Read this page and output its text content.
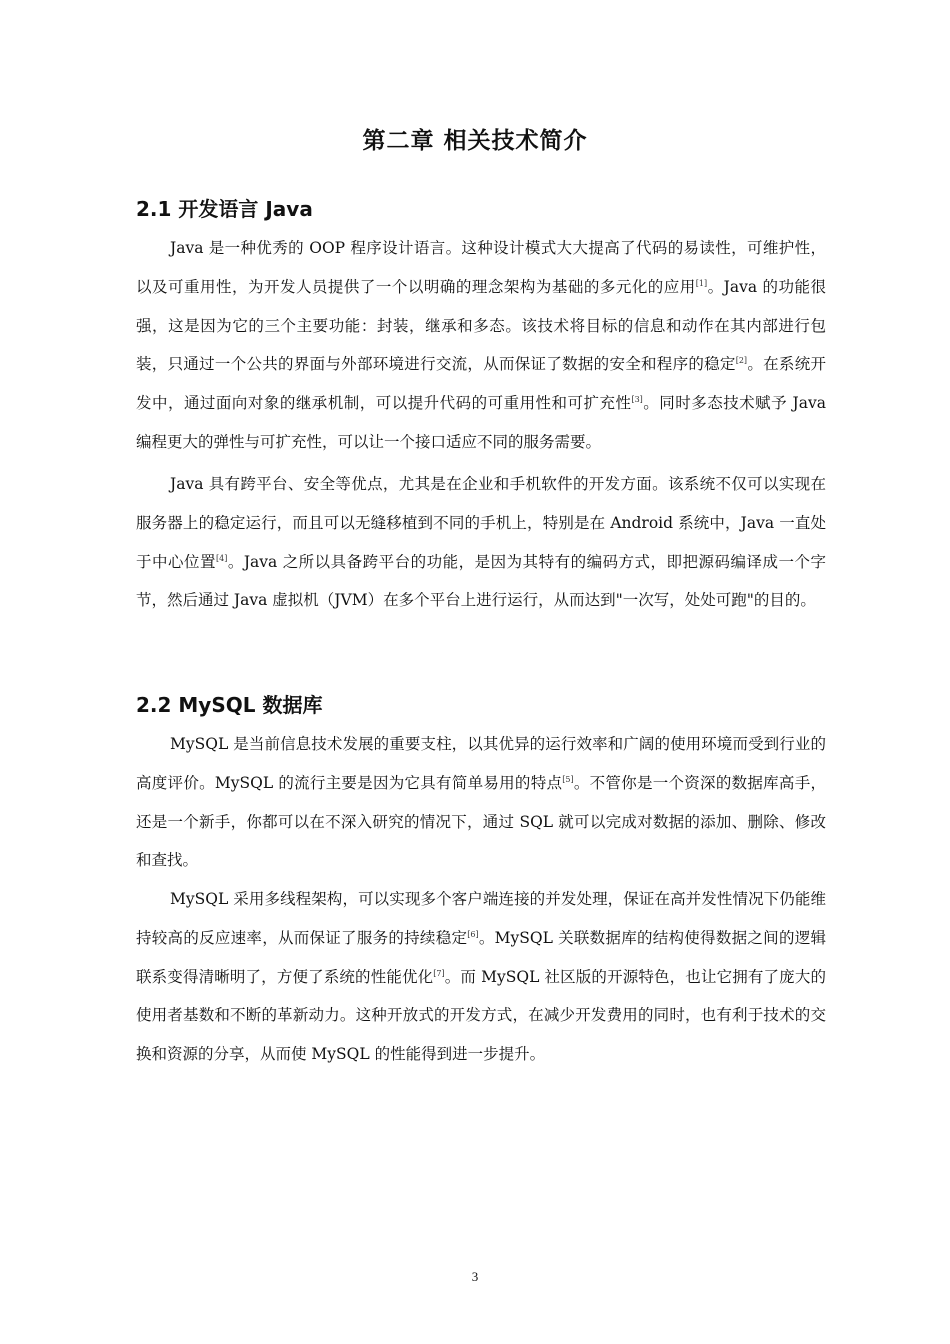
第二章 相关技术简介
2.1 开发语言 Java

Java 是一种优秀的 OOP 程序设计语言。这种设计模式大大提高了代码的易读性，可维护性，以及可重用性，为开发人员提供了一个以明确的理念架构为基础的多元化的应用[1]。Java 的功能很强，这是因为它的三个主要功能：封装，继承和多态。该技术将目标的信息和动作在其内部进行包装，只通过一个公共的界面与外部环境进行交流，从而保证了数据的安全和程序的稳定[2]。在系统开发中，通过面向对象的继承机制，可以提升代码的可重用性和可扩充性[3]。同时多态技术赋予 Java 编程更大的弹性与可扩充性，可以让一个接口适应不同的服务需要。

Java 具有跨平台、安全等优点，尤其是在企业和手机软件的开发方面。该系统不仅可以实现在服务器上的稳定运行，而且可以无缝移植到不同的手机上，特别是在 Android 系统中，Java 一直处于中心位置[4]。Java 之所以具备跨平台的功能，是因为其特有的编码方式，即把源码编译成一个字节，然后通过 Java 虚拟机（JVM）在多个平台上进行运行，从而达到"一次写，处处可跑"的目的。

2.2 MySQL 数据库

MySQL 是当前信息技术发展的重要支柱，以其优异的运行效率和广阔的使用环境而受到行业的高度评价。MySQL 的流行主要是因为它具有简单易用的特点[5]。不管你是一个资深的数据库高手，还是一个新手，你都可以在不深入研究的情况下，通过 SQL 就可以完成对数据的添加、删除、修改和查找。

MySQL 采用多线程架构，可以实现多个客户端连接的并发处理，保证在高并发性情况下仍能维持较高的反应速率，从而保证了服务的持续稳定[6]。MySQL 关联数据库的结构使得数据之间的逻辑联系变得清晰明了，方便了系统的性能优化[7]。而 MySQL 社区版的开源特色，也让它拥有了庞大的使用者基数和不断的革新动力。这种开放式的开发方式，在减少开发费用的同时，也有利于技术的交换和资源的分享，从而使 MySQL 的性能得到进一步提升。

3
